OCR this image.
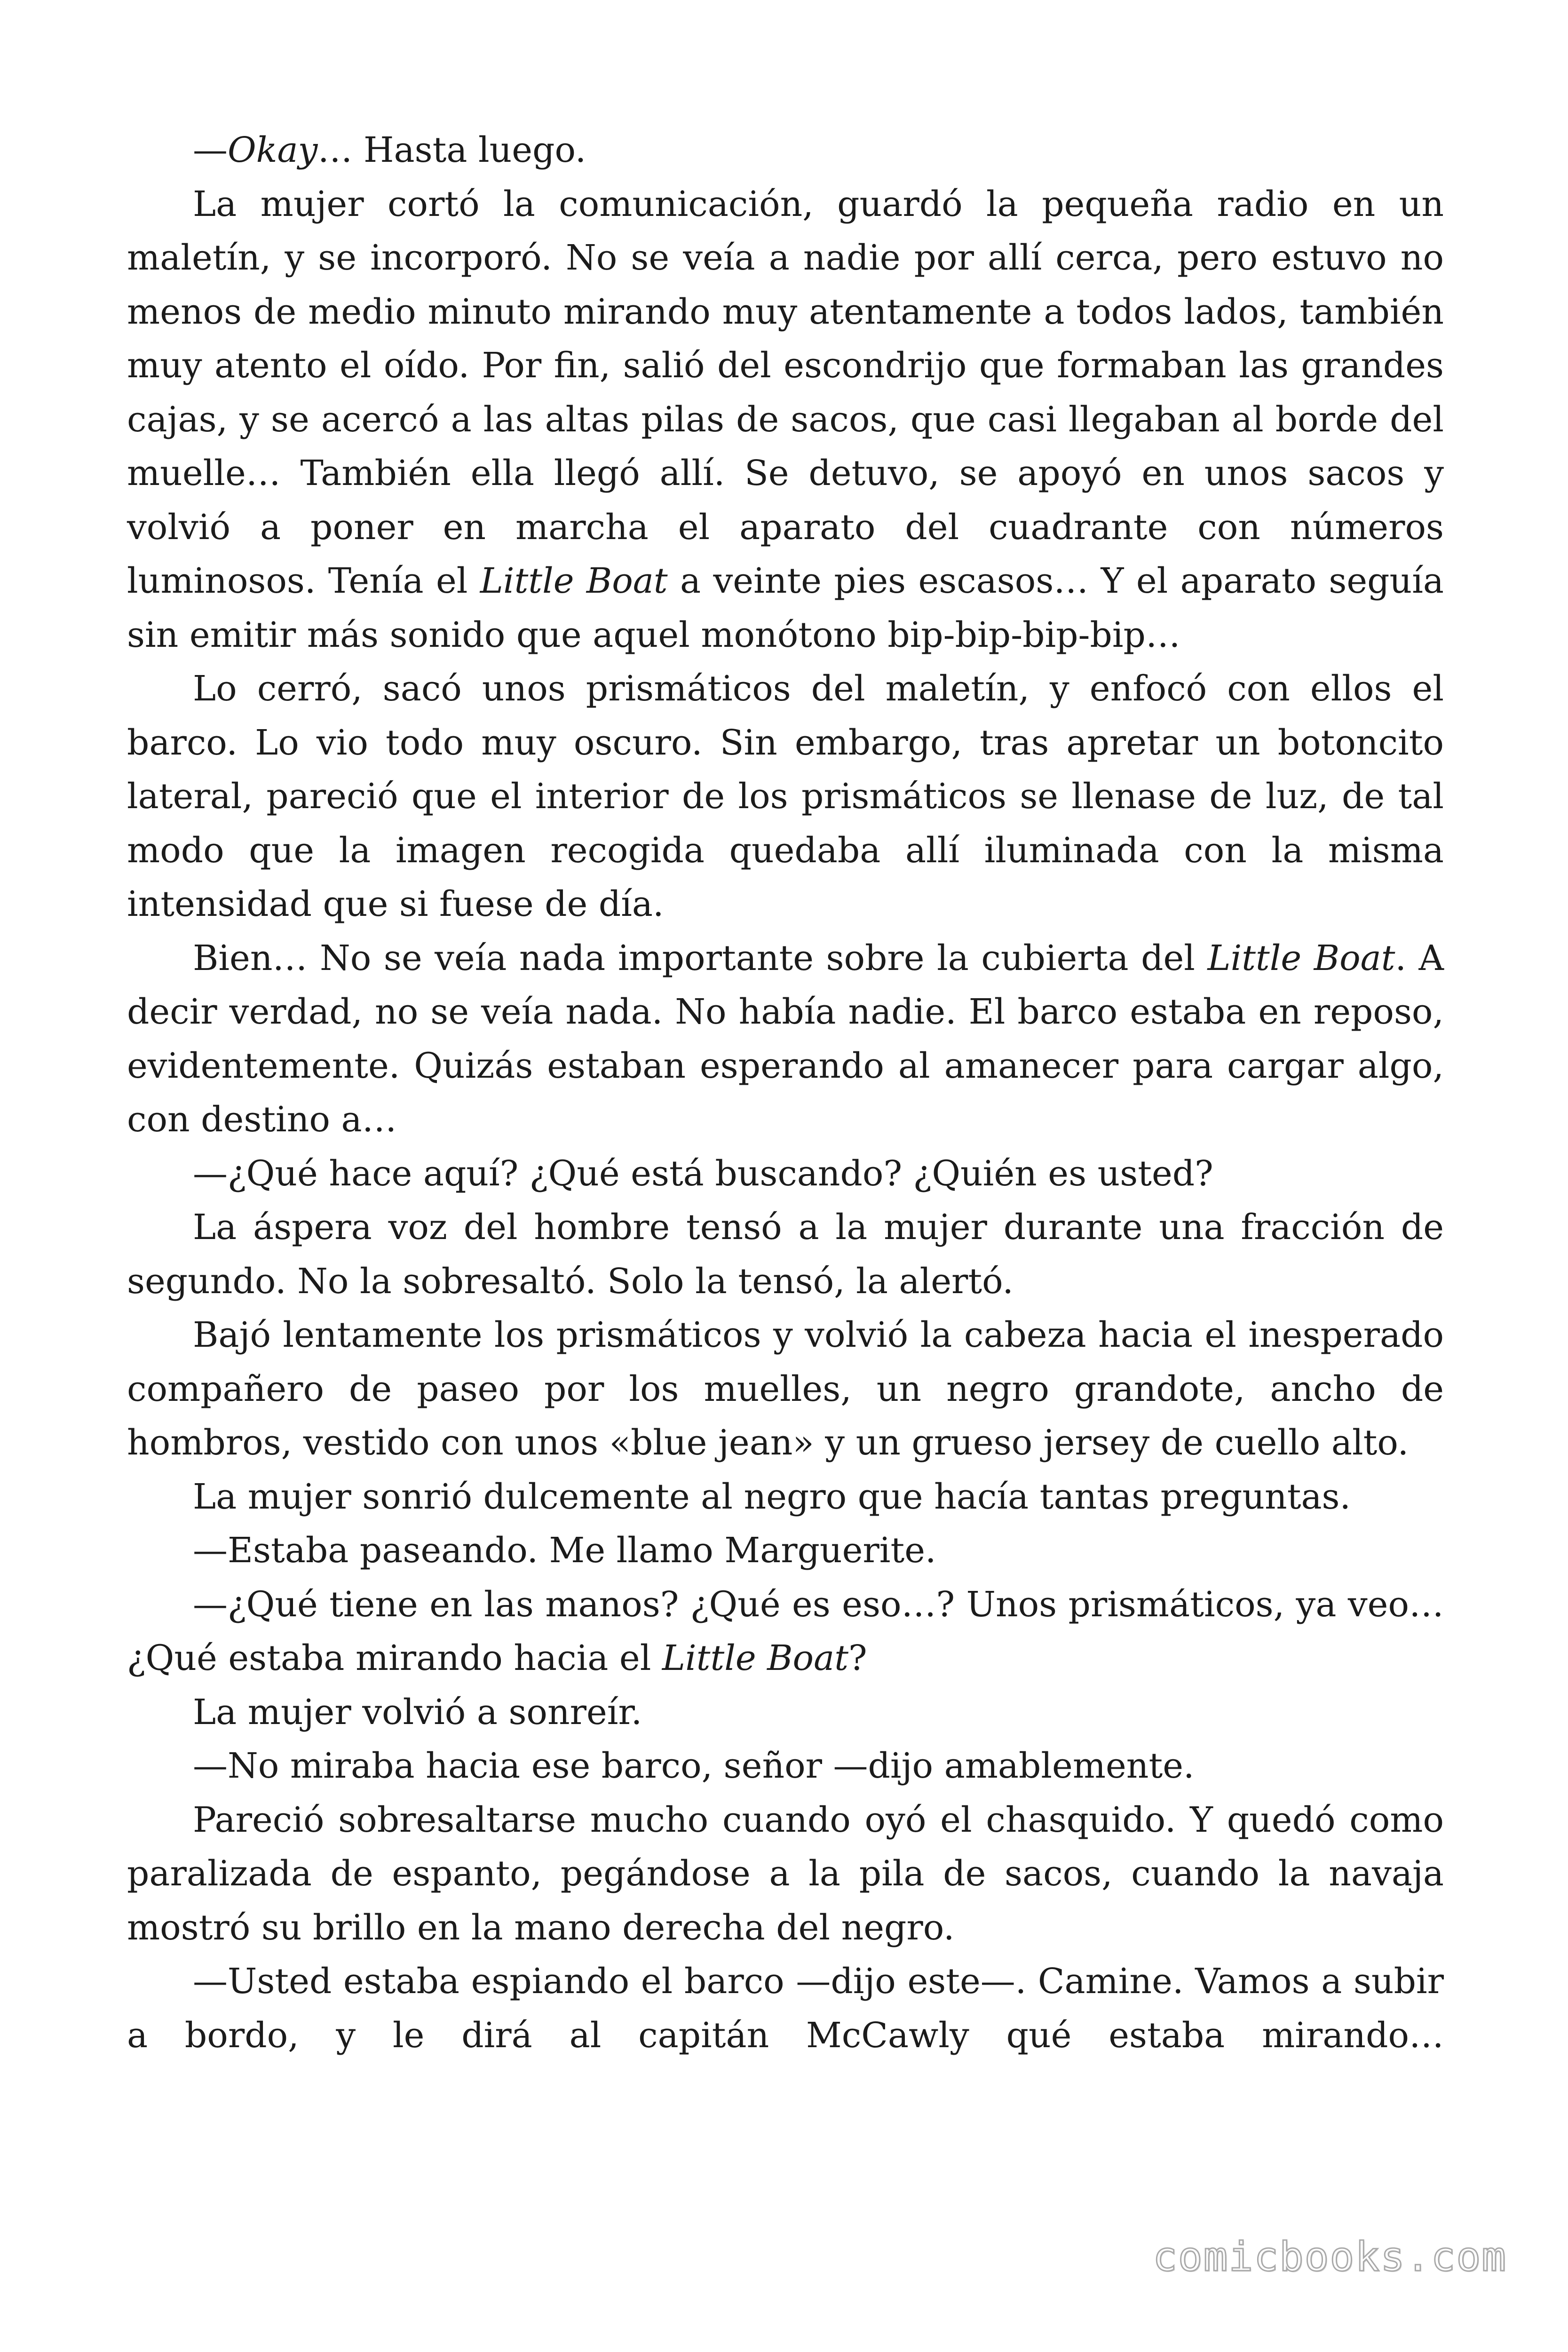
—Okay… Hasta luego.

La mujer cortó la comunicación, guardó la pequeña radio en un maletín, y se incorporó. No se veía a nadie por allí cerca, pero estuvo no menos de medio minuto mirando muy atentamente a todos lados, también muy atento el oído. Por fin, salió del escondrijo que formaban las grandes cajas, y se acercó a las altas pilas de sacos, que casi llegaban al borde del muelle… También ella llegó allí. Se detuvo, se apoyó en unos sacos y volvió a poner en marcha el aparato del cuadrante con números luminosos. Tenía el Little Boat a veinte pies escasos… Y el aparato seguía sin emitir más sonido que aquel monótono bip-bip-bip-bip…

Lo cerró, sacó unos prismáticos del maletín, y enfocó con ellos el barco. Lo vio todo muy oscuro. Sin embargo, tras apretar un botoncito lateral, pareció que el interior de los prismáticos se llenase de luz, de tal modo que la imagen recogida quedaba allí iluminada con la misma intensidad que si fuese de día.

Bien… No se veía nada importante sobre la cubierta del Little Boat. A decir verdad, no se veía nada. No había nadie. El barco estaba en reposo, evidentemente. Quizás estaban esperando al amanecer para cargar algo, con destino a…

—¿Qué hace aquí? ¿Qué está buscando? ¿Quién es usted?

La áspera voz del hombre tensó a la mujer durante una fracción de segundo. No la sobresaltó. Solo la tensó, la alertó.

Bajó lentamente los prismáticos y volvió la cabeza hacia el inesperado compañero de paseo por los muelles, un negro grandote, ancho de hombros, vestido con unos «blue jean» y un grueso jersey de cuello alto.

La mujer sonrió dulcemente al negro que hacía tantas preguntas.

—Estaba paseando. Me llamo Marguerite.

—¿Qué tiene en las manos? ¿Qué es eso…? Unos prismáticos, ya veo… ¿Qué estaba mirando hacia el Little Boat?

La mujer volvió a sonreír.

—No miraba hacia ese barco, señor —dijo amablemente.

Pareció sobresaltarse mucho cuando oyó el chasquido. Y quedó como paralizada de espanto, pegándose a la pila de sacos, cuando la navaja mostró su brillo en la mano derecha del negro.

—Usted estaba espiando el barco —dijo este—. Camine. Vamos a subir a bordo, y le dirá al capitán McCawly qué estaba mirando…

comicbooks.com
